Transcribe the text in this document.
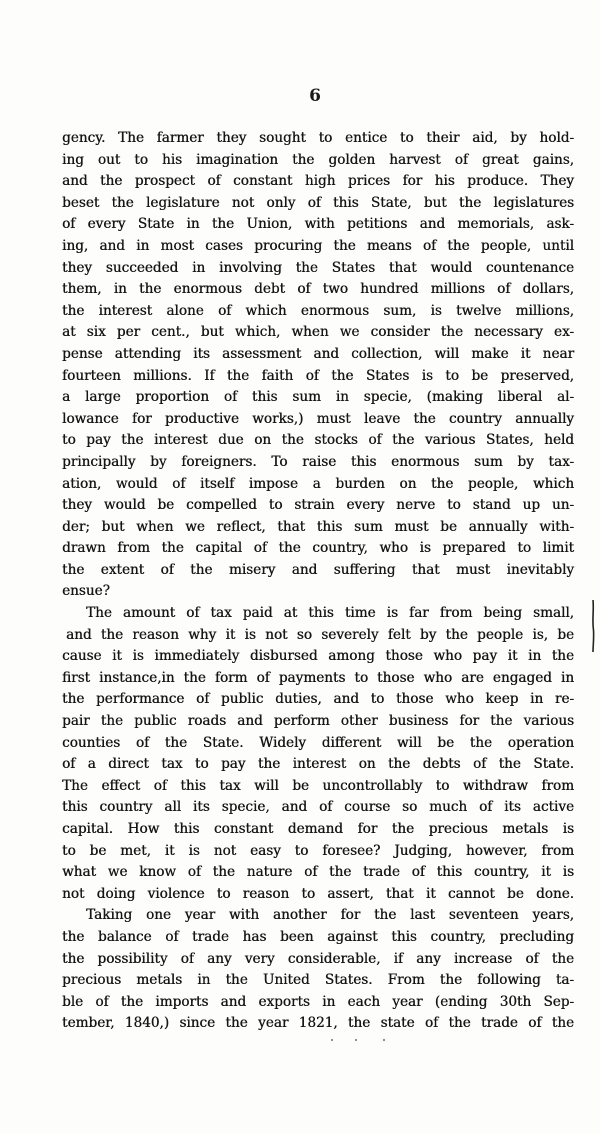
6
gency. The farmer they sought to entice to their aid, by hold-
ing out to his imagination the golden harvest of great gains,
and the prospect of constant high prices for his produce. They
beset the legislature not only of this State, but the legislatures
of every State in the Union, with petitions and memorials, ask-
ing, and in most cases procuring the means of the people, until
they succeeded in involving the States that would countenance
them, in the enormous debt of two hundred millions of dollars,
the interest alone of which enormous sum, is twelve millions,
at six per cent., but which, when we consider the necessary ex-
pense attending its assessment and collection, will make it near
fourteen millions. If the faith of the States is to be preserved,
a large proportion of this sum in specie, (making liberal al-
lowance for productive works,) must leave the country annually
to pay the interest due on the stocks of the various States, held
principally by foreigners. To raise this enormous sum by tax-
ation, would of itself impose a burden on the people, which
they would be compelled to strain every nerve to stand up un-
der; but when we reflect, that this sum must be annually with-
drawn from the capital of the country, who is prepared to limit
the extent of the misery and suffering that must inevitably
ensue?
The amount of tax paid at this time is far from being small,
and the reason why it is not so severely felt by the people is, be
cause it is immediately disbursed among those who pay it in the
first instance,in the form of payments to those who are engaged in
the performance of public duties, and to those who keep in re-
pair the public roads and perform other business for the various
counties of the State. Widely different will be the operation
of a direct tax to pay the interest on the debts of the State.
The effect of this tax will be uncontrollably to withdraw from
this country all its specie, and of course so much of its active
capital. How this constant demand for the precious metals is
to be met, it is not easy to foresee? Judging, however, from
what we know of the nature of the trade of this country, it is
not doing violence to reason to assert, that it cannot be done.
Taking one year with another for the last seventeen years,
the balance of trade has been against this country, precluding
the possibility of any very considerable, if any increase of the
precious metals in the United States. From the following ta-
ble of the imports and exports in each year (ending 30th Sep-
tember, 1840,) since the year 1821, the state of the trade of the
